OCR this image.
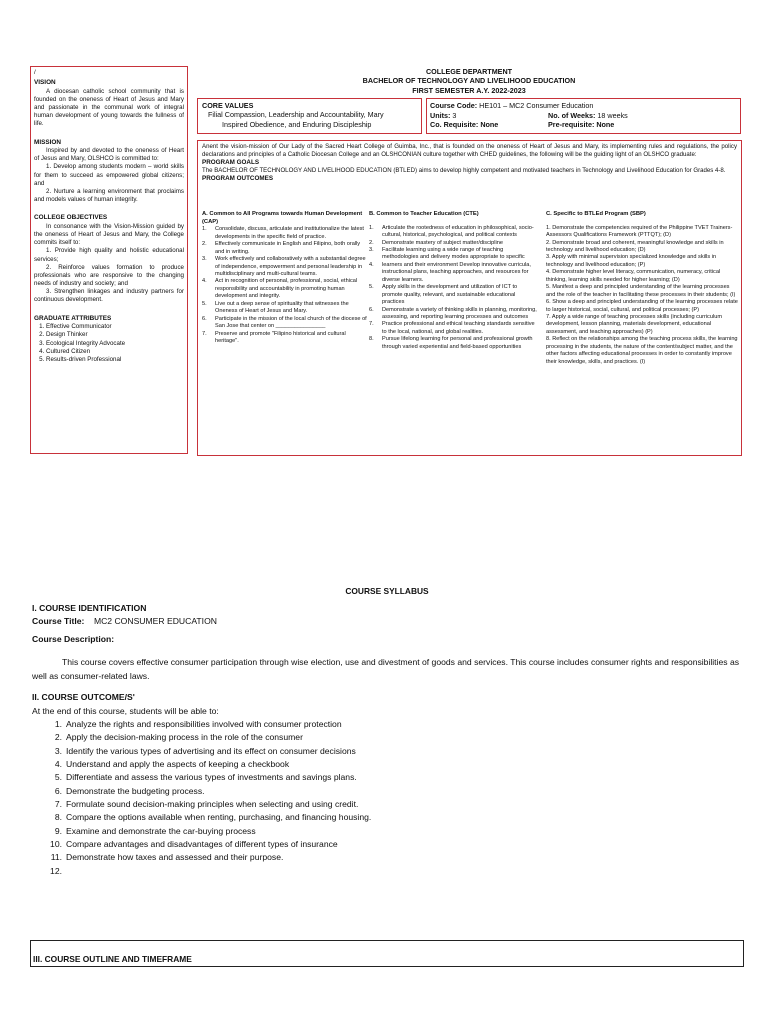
/
VISION

A diocesan catholic school community that is founded on the oneness of Heart of Jesus and Mary and passionate in the communal work of integral human development of young towards the fullness of life.

MISSION

Inspired by and devoted to the oneness of Heart of Jesus and Mary, OLSHCO is committed to:

1. Develop among students modern – world skills for them to succeed as empowered global citizens; and

2. Nurture a learning environment that proclaims and models values of human integrity.

COLLEGE OBJECTIVES

In consonance with the Vision-Mission guided by the oneness of Heart of Jesus and Mary, the College commits itself to:

1. Provide high quality and holistic educational services;

2. Reinforce values formation to produce professionals who are responsive to the changing needs of industry and society; and

3. Strengthen linkages and industry partners for continuous development.

GRADUATE ATTRIBUTES
1. Effective Communicator
2. Design Thinker
3. Ecological Integrity Advocate
4. Cultured Citizen
5. Results-driven Professional
COLLEGE DEPARTMENT
BACHELOR OF TECHNOLOGY AND LIVELIHOOD EDUCATION
FIRST SEMESTER A.Y. 2022-2023
CORE VALUES
Filial Compassion, Leadership and Accountability, Mary
Inspired Obedience, and Enduring Discipleship
Course Code:
HE101 – MC2 Consumer Education
Units: 3	No. of Weeks: 18 weeks
Co. Requisite: None	Pre-requisite: None

Anent the vision-mission of Our Lady of the Sacred Heart College of Guimba, Inc., that is founded on the oneness of Heart of Jesus and Mary, its implementing rules and regulations, the policy declarations and principles of a Catholic Diocesan College and an OLSHCONIAN culture together with CHED guidelines, the following will be the guiding light of an OLSHCO graduate:

PROGRAM GOALS

The BACHELOR OF TECHNOLOGY AND LIVELIHOOD EDUCATION (BTLED) aims to develop highly competent and motivated teachers in Technology and Livelihood Education for Grades 4-8.

PROGRAM OUTCOMES
A. Common to All Programs towards Human Development (CAP)
1.	Consolidate, discuss, articulate and institutionalize the latest developments in the specific field of practice.
2.	Effectively communicate in English and Filipino, both orally and in writing.
3.	Work effectively and collaboratively with a substantial degree of independence, empowerment and personal leadership in multidisciplinary and multi-cultural teams.
4.	Act in recognition of personal, professional, social, ethical responsibility and accountability in promoting human development and integrity.
5.	Live out a deep sense of spirituality that witnesses the Oneness of Heart of Jesus and Mary.
6.	Participate in the mission of the local church of the diocese of San Jose that center on ________________
7.	Preserve and promote "Filipino historical and cultural heritage".
B. Common to Teacher Education (CTE)
1.	Articulate the rootedness of education in philosophical, socio-cultural, historical, psychological, and political contexts
2.	Demonstrate mastery of subject matter/discipline
3.	Facilitate learning using a wide range of teaching methodologies and delivery modes appropriate to specific
4.	learners and their environment Develop innovative curricula, instructional plans, teaching approaches, and resources for diverse learners.
5.	Apply skills in the development and utilization of ICT to promote quality, relevant, and sustainable educational practices
6.	Demonstrate a variety of thinking skills in planning, monitoring, assessing, and reporting learning processes and outcomes
7.	Practice professional and ethical teaching standards sensitive to the local, national, and global realities.
8.	Pursue lifelong learning for personal and professional growth through varied experiential and field-based opportunities
C. Specific to BTLEd Program (SBP)
1. Demonstrate the competencies required of the Philippine TVET Trainers-Assessors Qualifications Framework (PTTQT); (D)
2. Demonstrate broad and coherent, meaningful knowledge and skills in technology and livelihood education; (D)
3. Apply with minimal supervision specialized knowledge and skills in technology and livelihood education; (P)
4. Demonstrate higher level literacy, communication, numeracy, critical thinking, learning skills needed for higher learning; (D)
5. Manifest a deep and principled understanding of the learning processes and the role of the teacher in facilitating these processes in their students; (I)
6. Show a deep and principled understanding of the learning processes relate to larger historical, social, cultural, and political processes; (P)
7. Apply a wide range of teaching processes skills (including curriculum development, lesson planning, materials development, educational assessment, and teaching approaches) (P)
8. Reflect on the relationships among the teaching process skills, the learning processing in the students, the nature of the content/subject matter, and the other factors affecting educational processes in order to constantly improve their knowledge, skills, and practices. (I)
COURSE SYLLABUS
I. COURSE IDENTIFICATION
Course Title: MC2 CONSUMER EDUCATION
Course Description:

This course covers effective consumer participation through wise election, use and divestment of goods and services. This course includes consumer rights and responsibilities as well as consumer-related laws.

II. COURSE OUTCOME/S'
At the end of this course, students will be able to:
1. Analyze the rights and responsibilities involved with consumer protection
2. Apply the decision-making process in the role of the consumer
3. Identify the various types of advertising and its effect on consumer decisions
4. Understand and apply the aspects of keeping a checkbook
5. Differentiate and assess the various types of investments and savings plans.
6. Demonstrate the budgeting process.
7. Formulate sound decision-making principles when selecting and using credit.
8. Compare the options available when renting, purchasing, and financing housing.
9. Examine and demonstrate the car-buying process
10. Compare advantages and disadvantages of different types of insurance
11. Demonstrate how taxes and assessed and their purpose.
12.
III. COURSE OUTLINE AND TIMEFRAME
